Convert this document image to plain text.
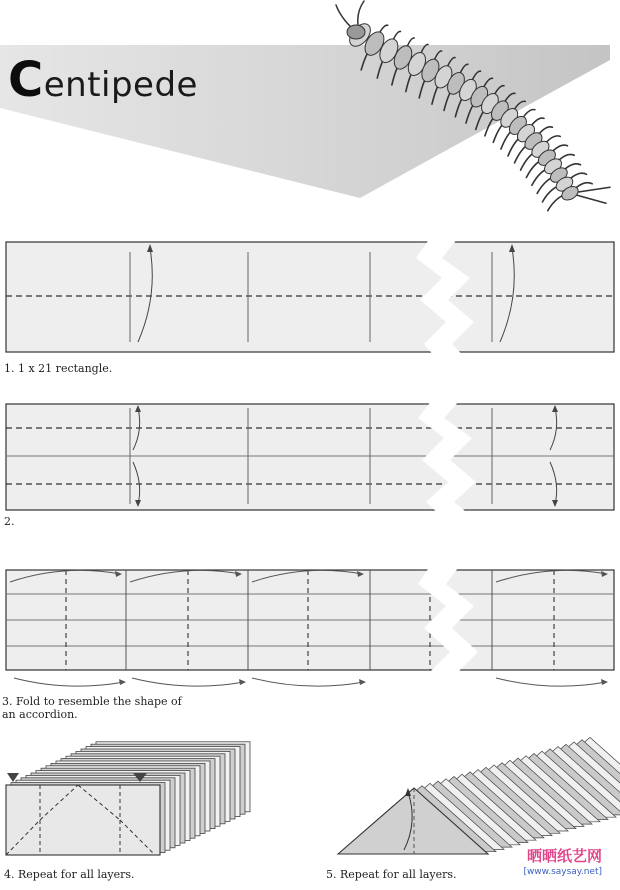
Centipede
1. 1 x 21 rectangle.
2.
3. Fold to resemble the shape of
an accordion.
4. Repeat for all layers.	5. Repeat for all layers.
晒晒纸艺网
[www.saysay.net]
